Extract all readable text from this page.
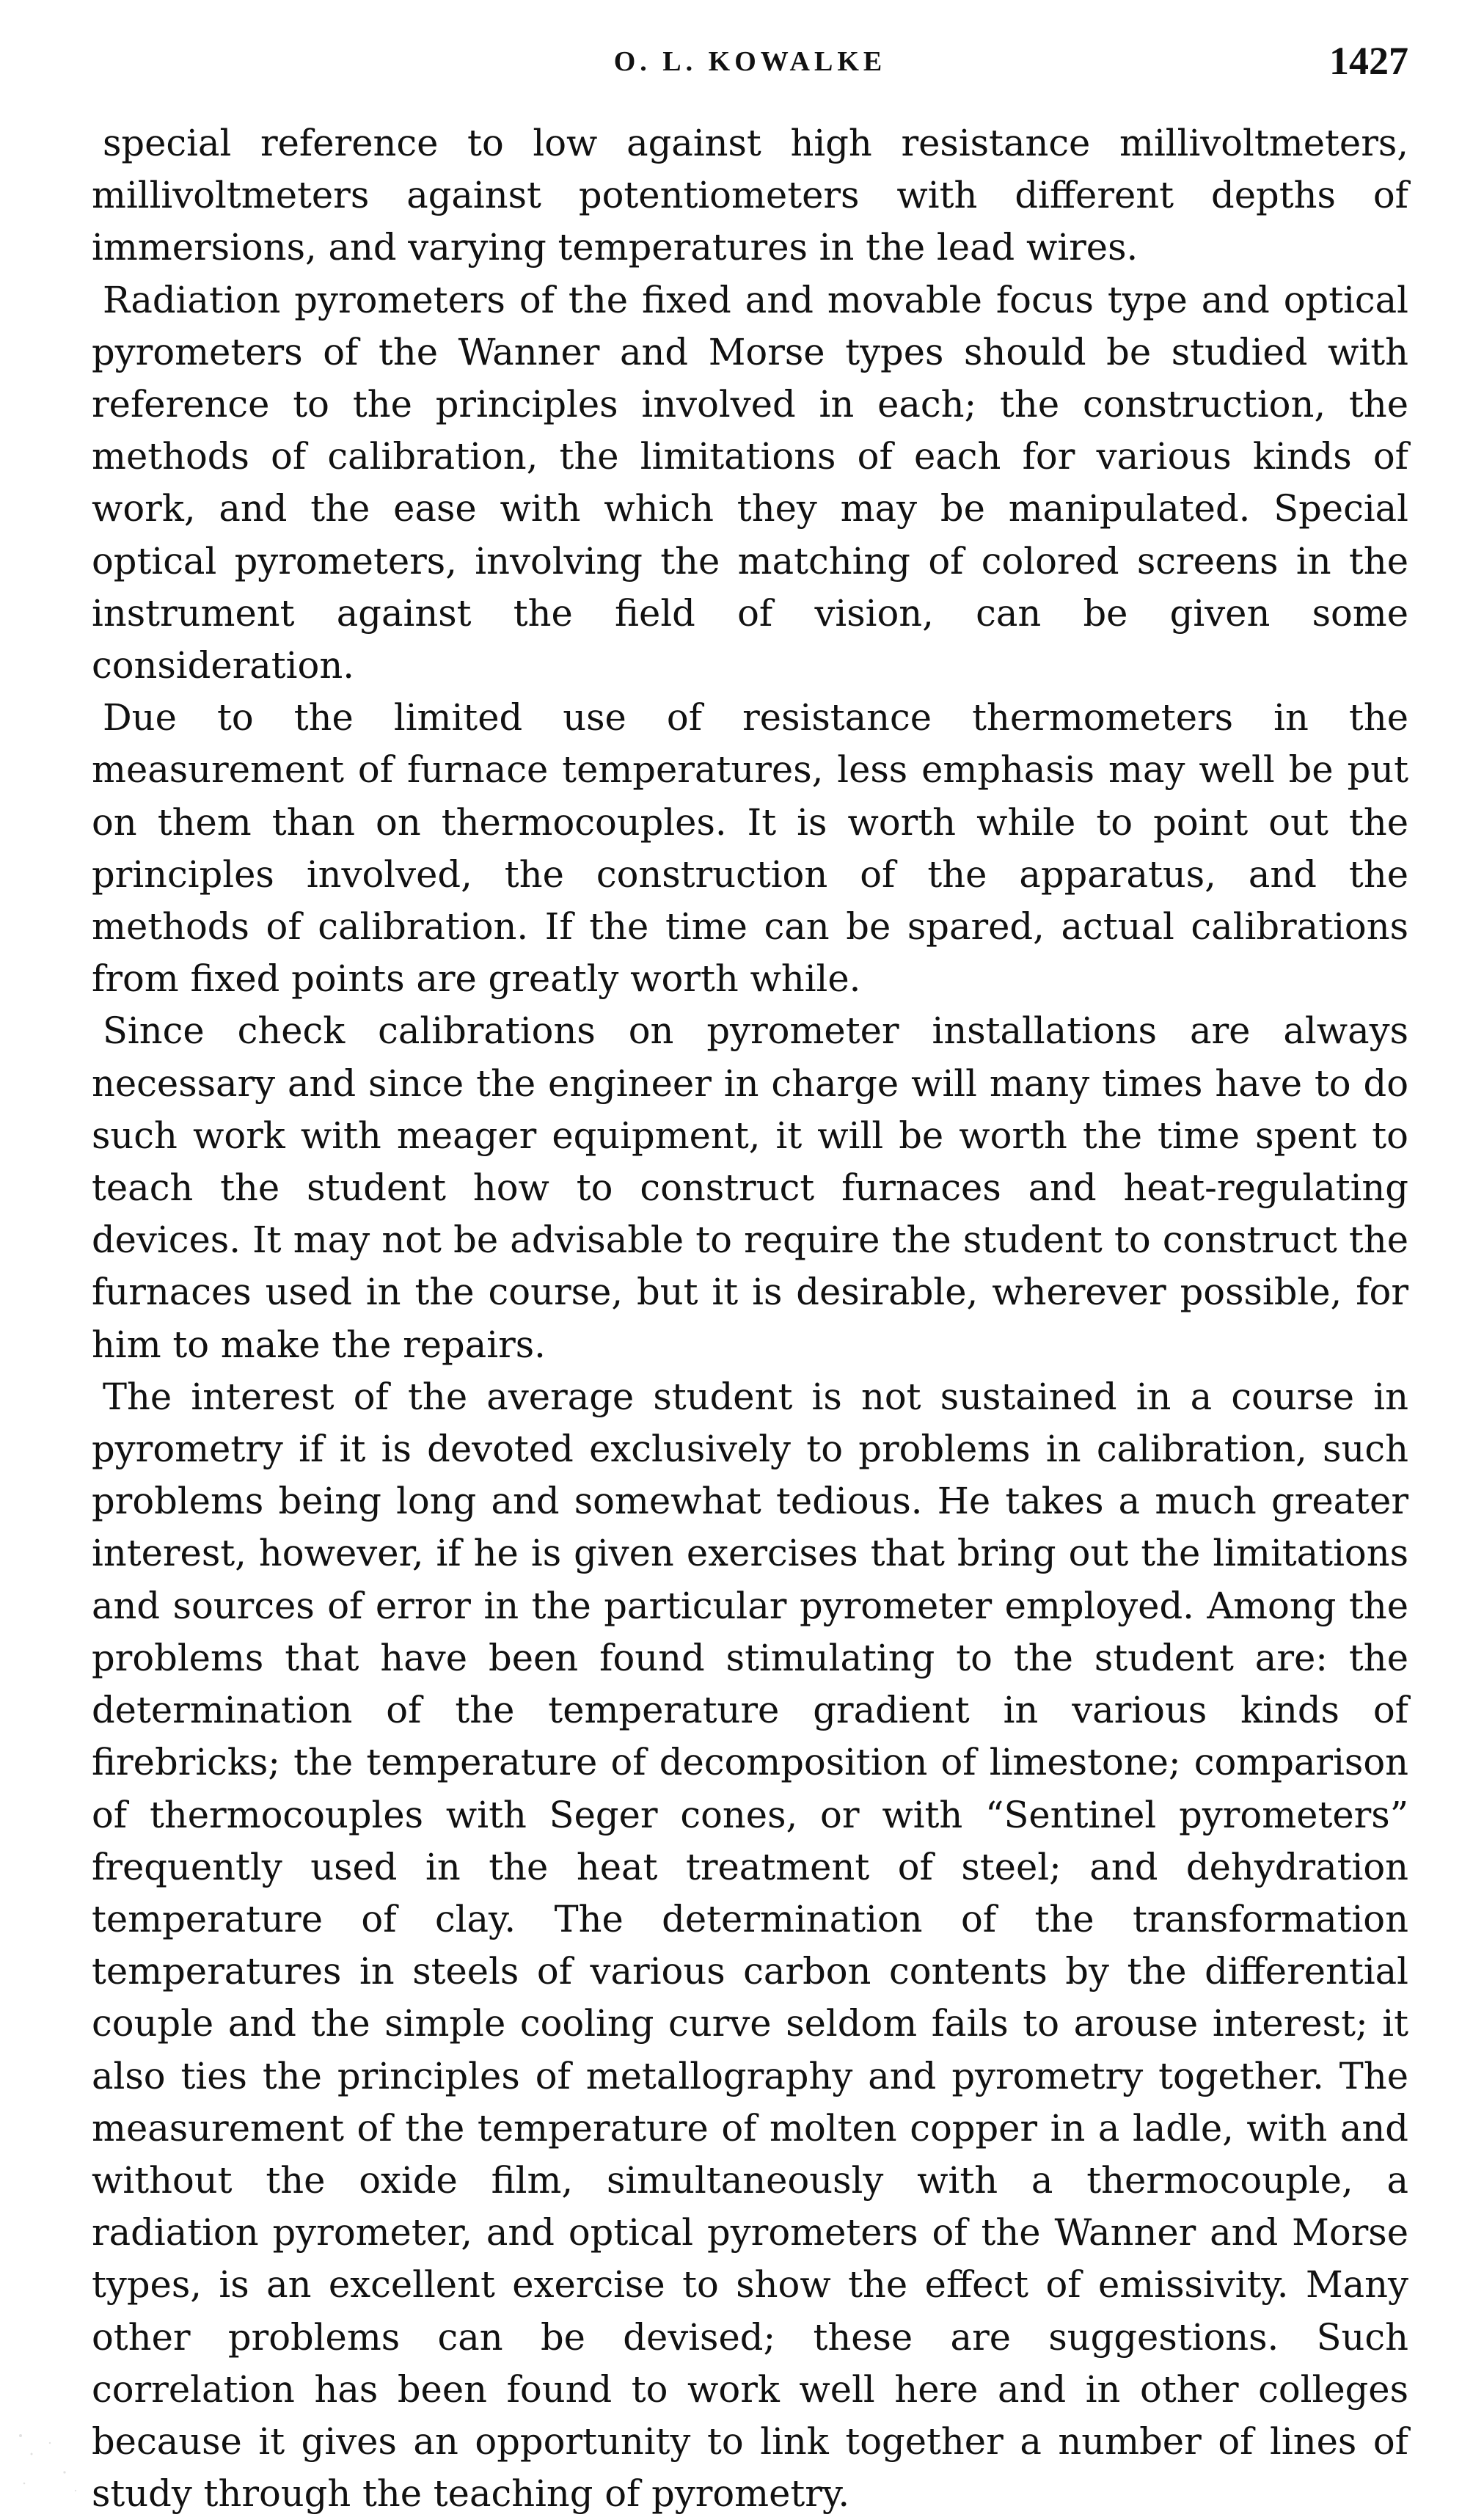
O. L. KOWALKE	1427

special reference to low against high resistance millivoltmeters, millivoltmeters against potentiometers with different depths of immersions, and varying temperatures in the lead wires.

Radiation pyrometers of the fixed and movable focus type and optical pyrometers of the Wanner and Morse types should be studied with reference to the principles involved in each; the construction, the methods of calibration, the limitations of each for various kinds of work, and the ease with which they may be manipulated. Special optical pyrometers, involving the matching of colored screens in the instrument against the field of vision, can be given some consideration.

Due to the limited use of resistance thermometers in the measurement of furnace temperatures, less emphasis may well be put on them than on thermocouples. It is worth while to point out the principles involved, the construction of the apparatus, and the methods of calibration. If the time can be spared, actual calibrations from fixed points are greatly worth while.

Since check calibrations on pyrometer installations are always necessary and since the engineer in charge will many times have to do such work with meager equipment, it will be worth the time spent to teach the student how to construct furnaces and heat-regulating devices. It may not be advisable to require the student to construct the furnaces used in the course, but it is desirable, wherever possible, for him to make the repairs.

The interest of the average student is not sustained in a course in pyrometry if it is devoted exclusively to problems in calibration, such problems being long and somewhat tedious. He takes a much greater interest, however, if he is given exercises that bring out the limitations and sources of error in the particular pyrometer employed. Among the problems that have been found stimulating to the student are: the determination of the temperature gradient in various kinds of firebricks; the temperature of decomposition of limestone; comparison of thermocouples with Seger cones, or with “Sentinel pyrometers” frequently used in the heat treatment of steel; and dehydration temperature of clay. The determination of the transformation temperatures in steels of various carbon contents by the differential couple and the simple cooling curve seldom fails to arouse interest; it also ties the principles of metallography and pyrometry together. The measurement of the temperature of molten copper in a ladle, with and without the oxide film, simultaneously with a thermocouple, a radiation pyrometer, and optical pyrometers of the Wanner and Morse types, is an excellent exercise to show the effect of emissivity. Many other problems can be devised; these are suggestions. Such correlation has been found to work well here and in other colleges because it gives an opportunity to link together a number of lines of study through the teaching of pyrometry.
